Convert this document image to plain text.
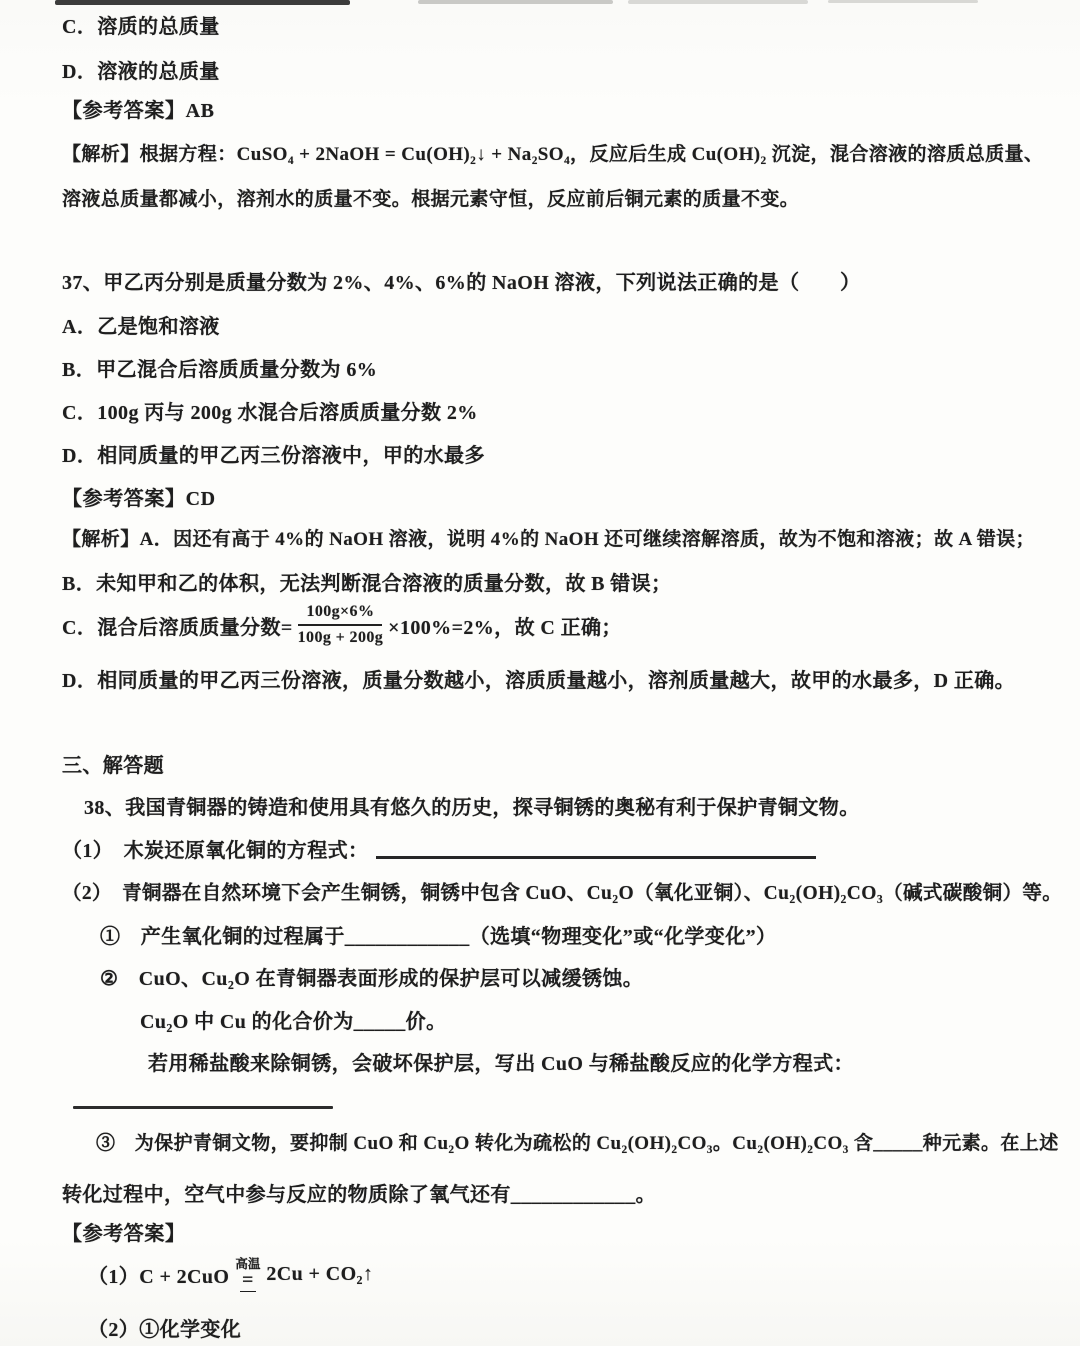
C．溶质的总质量
D．溶液的总质量
【参考答案】AB
【解析】根据方程：CuSO₄ + 2NaOH = Cu(OH)₂↓ + Na₂SO₄，反应后生成 Cu(OH)₂ 沉淀，混合溶液的溶质总质量、
溶液总质量都减小，溶剂水的质量不变。根据元素守恒，反应前后铜元素的质量不变。
37、甲乙丙分别是质量分数为 2%、4%、6%的 NaOH 溶液，下列说法正确的是（　　）
A．乙是饱和溶液
B．甲乙混合后溶质质量分数为 6%
C．100g 丙与 200g 水混合后溶质质量分数 2%
D．相同质量的甲乙丙三份溶液中，甲的水最多
【参考答案】CD
【解析】A．因还有高于 4%的 NaOH 溶液，说明 4%的 NaOH 还可继续溶解溶质，故为不饱和溶液；故 A 错误；
B．未知甲和乙的体积，无法判断混合溶液的质量分数，故 B 错误；
C．混合后溶质质量分数= $\frac{100g\times 6\%}{100g + 200g} \times 100\%=2\%$，故 C 正确；
D．相同质量的甲乙丙三份溶液，质量分数越小，溶质质量越小，溶剂质量越大，故甲的水最多，D 正确。
三、解答题
38、我国青铜器的铸造和使用具有悠久的历史，探寻铜锈的奥秘有利于保护青铜文物。
（1）　木炭还原氧化铜的方程式：
（2）　青铜器在自然环境下会产生铜锈，铜锈中包含 CuO、Cu₂O（氧化亚铜）、Cu₂(OH)₂CO₃（碱式碳酸铜）等。
①　产生氧化铜的过程属于____________（选填“物理变化”或“化学变化”）
②　CuO、Cu₂O 在青铜器表面形成的保护层可以减缓锈蚀。
Cu₂O 中 Cu 的化合价为_____价。
若用稀盐酸来除铜锈，会破坏保护层，写出 CuO 与稀盐酸反应的化学方程式：
③　为保护青铜文物，要抑制 CuO 和 Cu₂O 转化为疏松的 Cu₂(OH)₂CO₃。Cu₂(OH)₂CO₃ 含_____种元素。在上述
转化过程中，空气中参与反应的物质除了氧气还有____________。
【参考答案】
（1）C + 2CuO
高温
= 2Cu + CO₂↑
（2）①化学变化
